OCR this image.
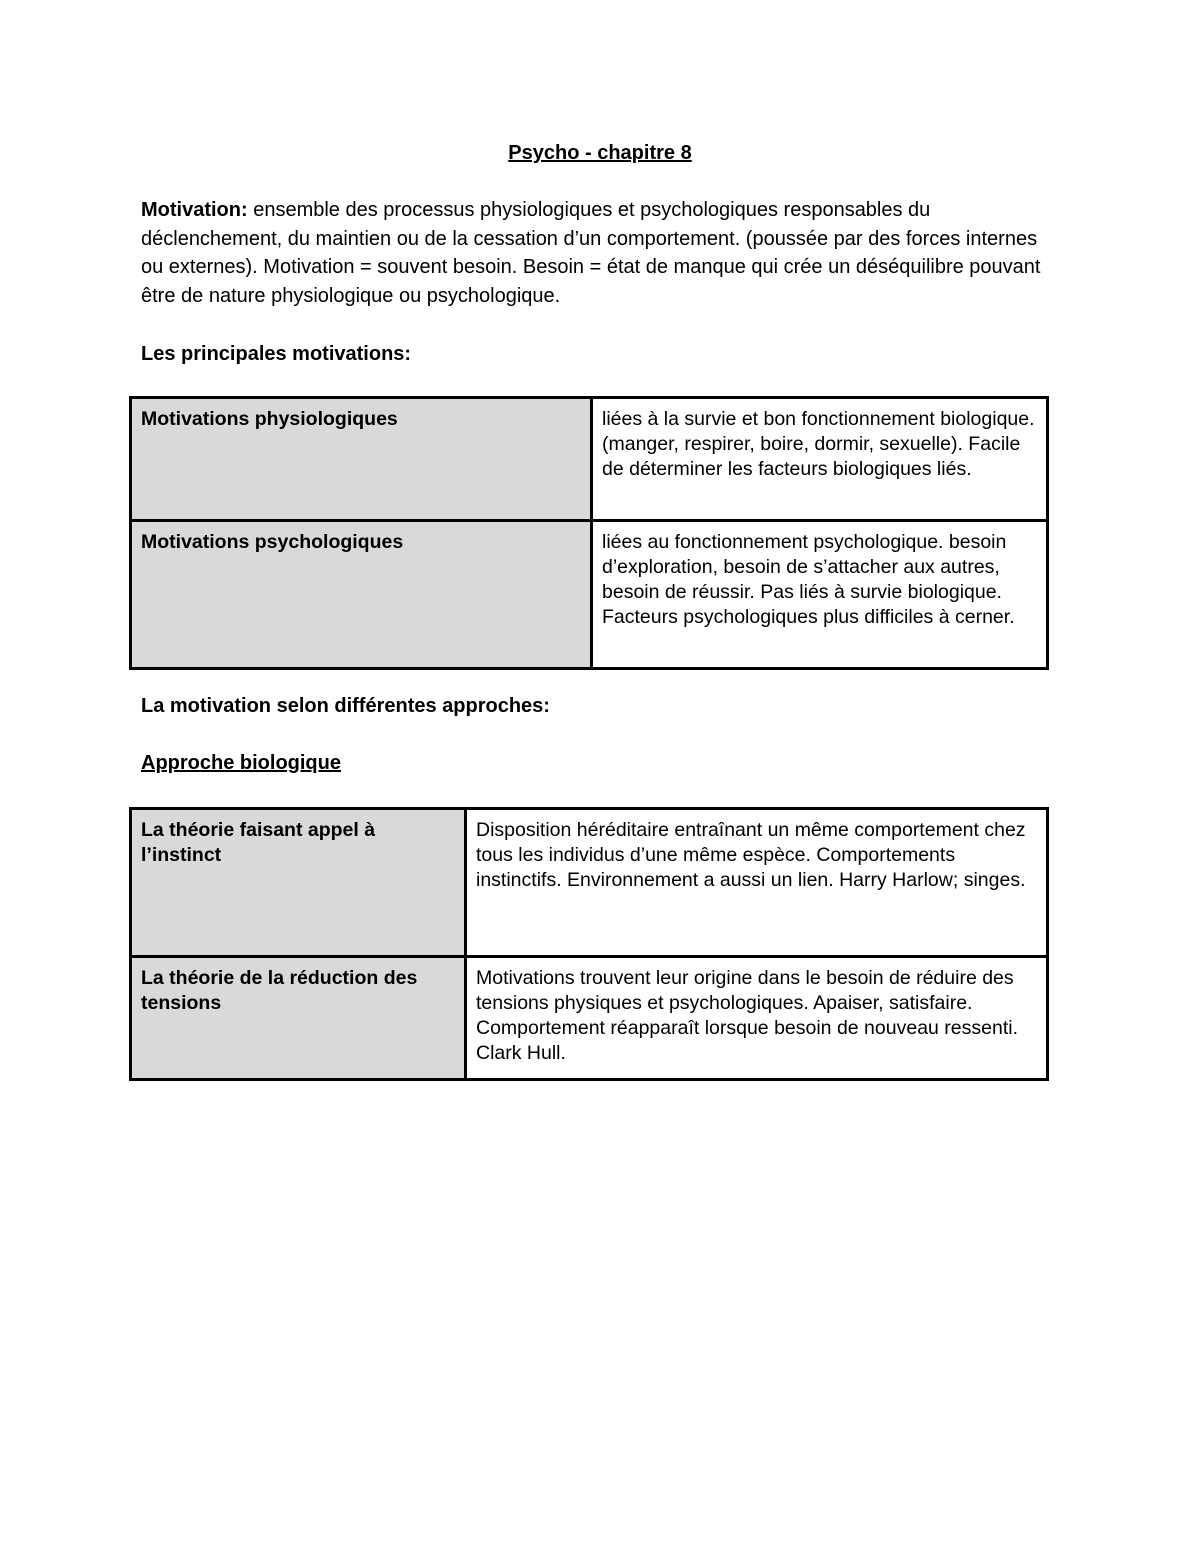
Psycho - chapitre 8

Motivation: ensemble des processus physiologiques et psychologiques responsables du déclenchement, du maintien ou de la cessation d’un comportement. (poussée par des forces internes ou externes). Motivation = souvent besoin. Besoin = état de manque qui crée un déséquilibre pouvant être de nature physiologique ou psychologique.

Les principales motivations:

Motivations physiologiques	liées à la survie et bon fonctionnement biologique. (manger, respirer, boire, dormir, sexuelle). Facile de déterminer les facteurs biologiques liés.
Motivations psychologiques	liées au fonctionnement psychologique. besoin d’exploration, besoin de s’attacher aux autres, besoin de réussir. Pas liés à survie biologique. Facteurs psychologiques plus difficiles à cerner.

La motivation selon différentes approches:

Approche biologique

La théorie faisant appel à l’instinct	Disposition héréditaire entraînant un même comportement chez tous les individus d’une même espèce. Comportements instinctifs. Environnement a aussi un lien. Harry Harlow; singes.
La théorie de la réduction des tensions	Motivations trouvent leur origine dans le besoin de réduire des tensions physiques et psychologiques. Apaiser, satisfaire. Comportement réapparaît lorsque besoin de nouveau ressenti. Clark Hull.
